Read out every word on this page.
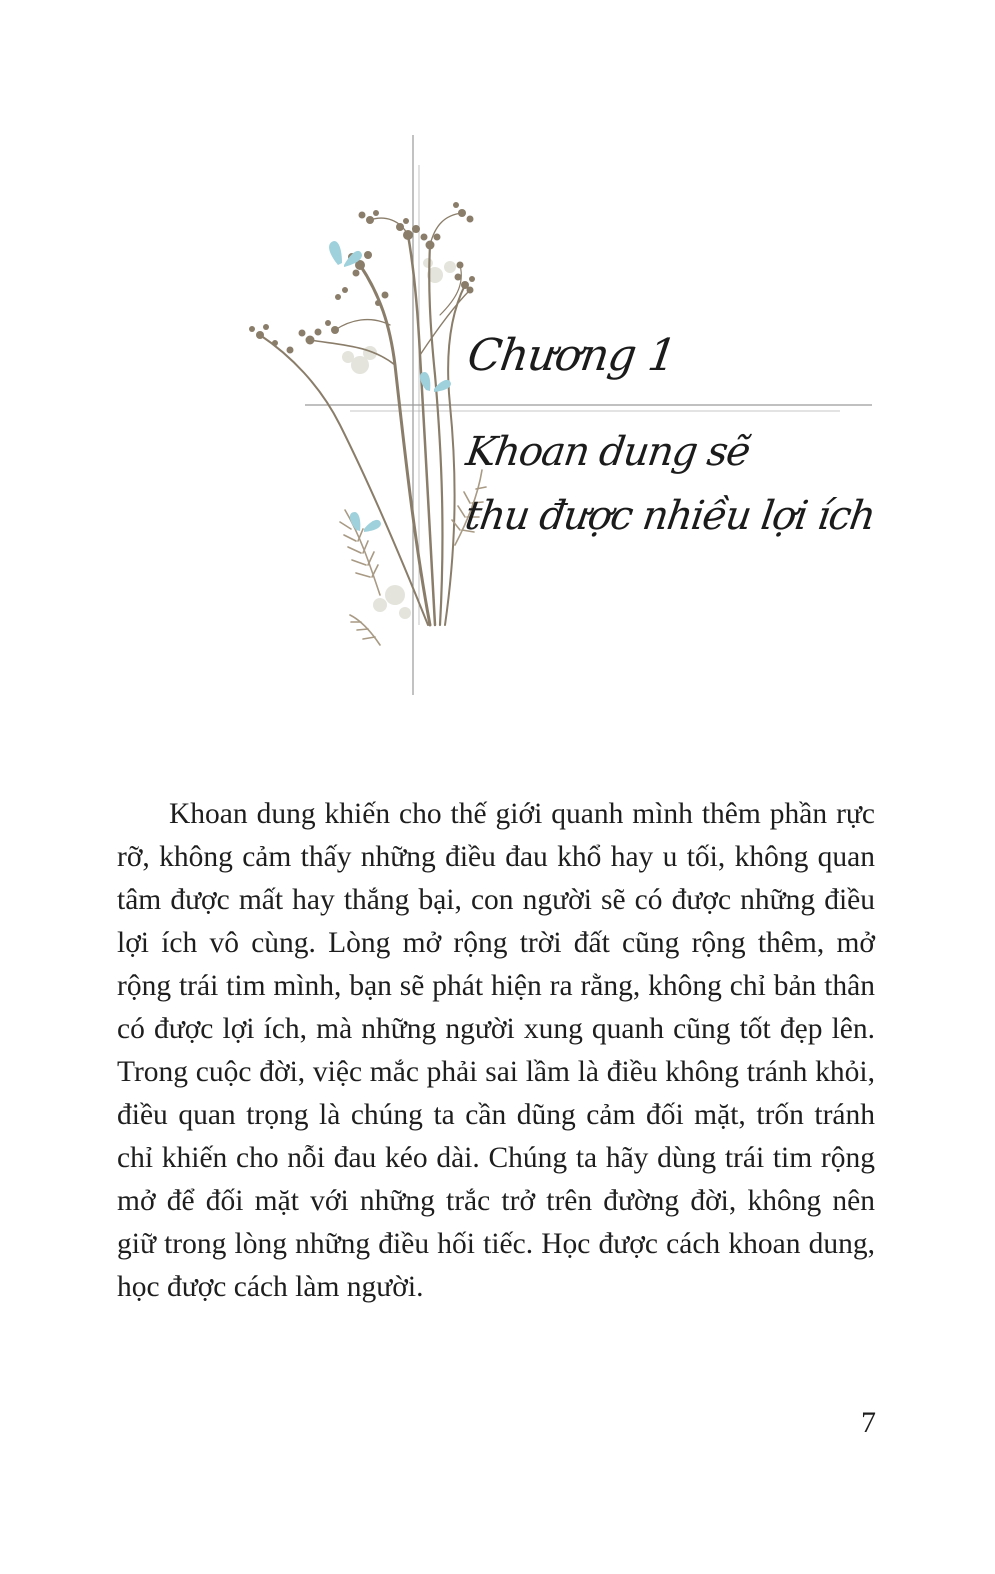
Chương 1
Khoan dung sẽ
thu được nhiều lợi ích

Khoan dung khiến cho thế giới quanh mình thêm phần rực rỡ, không cảm thấy những điều đau khổ hay u tối, không quan tâm được mất hay thắng bại, con người sẽ có được những điều lợi ích vô cùng. Lòng mở rộng trời đất cũng rộng thêm, mở rộng trái tim mình, bạn sẽ phát hiện ra rằng, không chỉ bản thân có được lợi ích, mà những người xung quanh cũng tốt đẹp lên. Trong cuộc đời, việc mắc phải sai lầm là điều không tránh khỏi, điều quan trọng là chúng ta cần dũng cảm đối mặt, trốn tránh chỉ khiến cho nỗi đau kéo dài. Chúng ta hãy dùng trái tim rộng mở để đối mặt với những trắc trở trên đường đời, không nên giữ trong lòng những điều hối tiếc. Học được cách khoan dung, học được cách làm người.

7
